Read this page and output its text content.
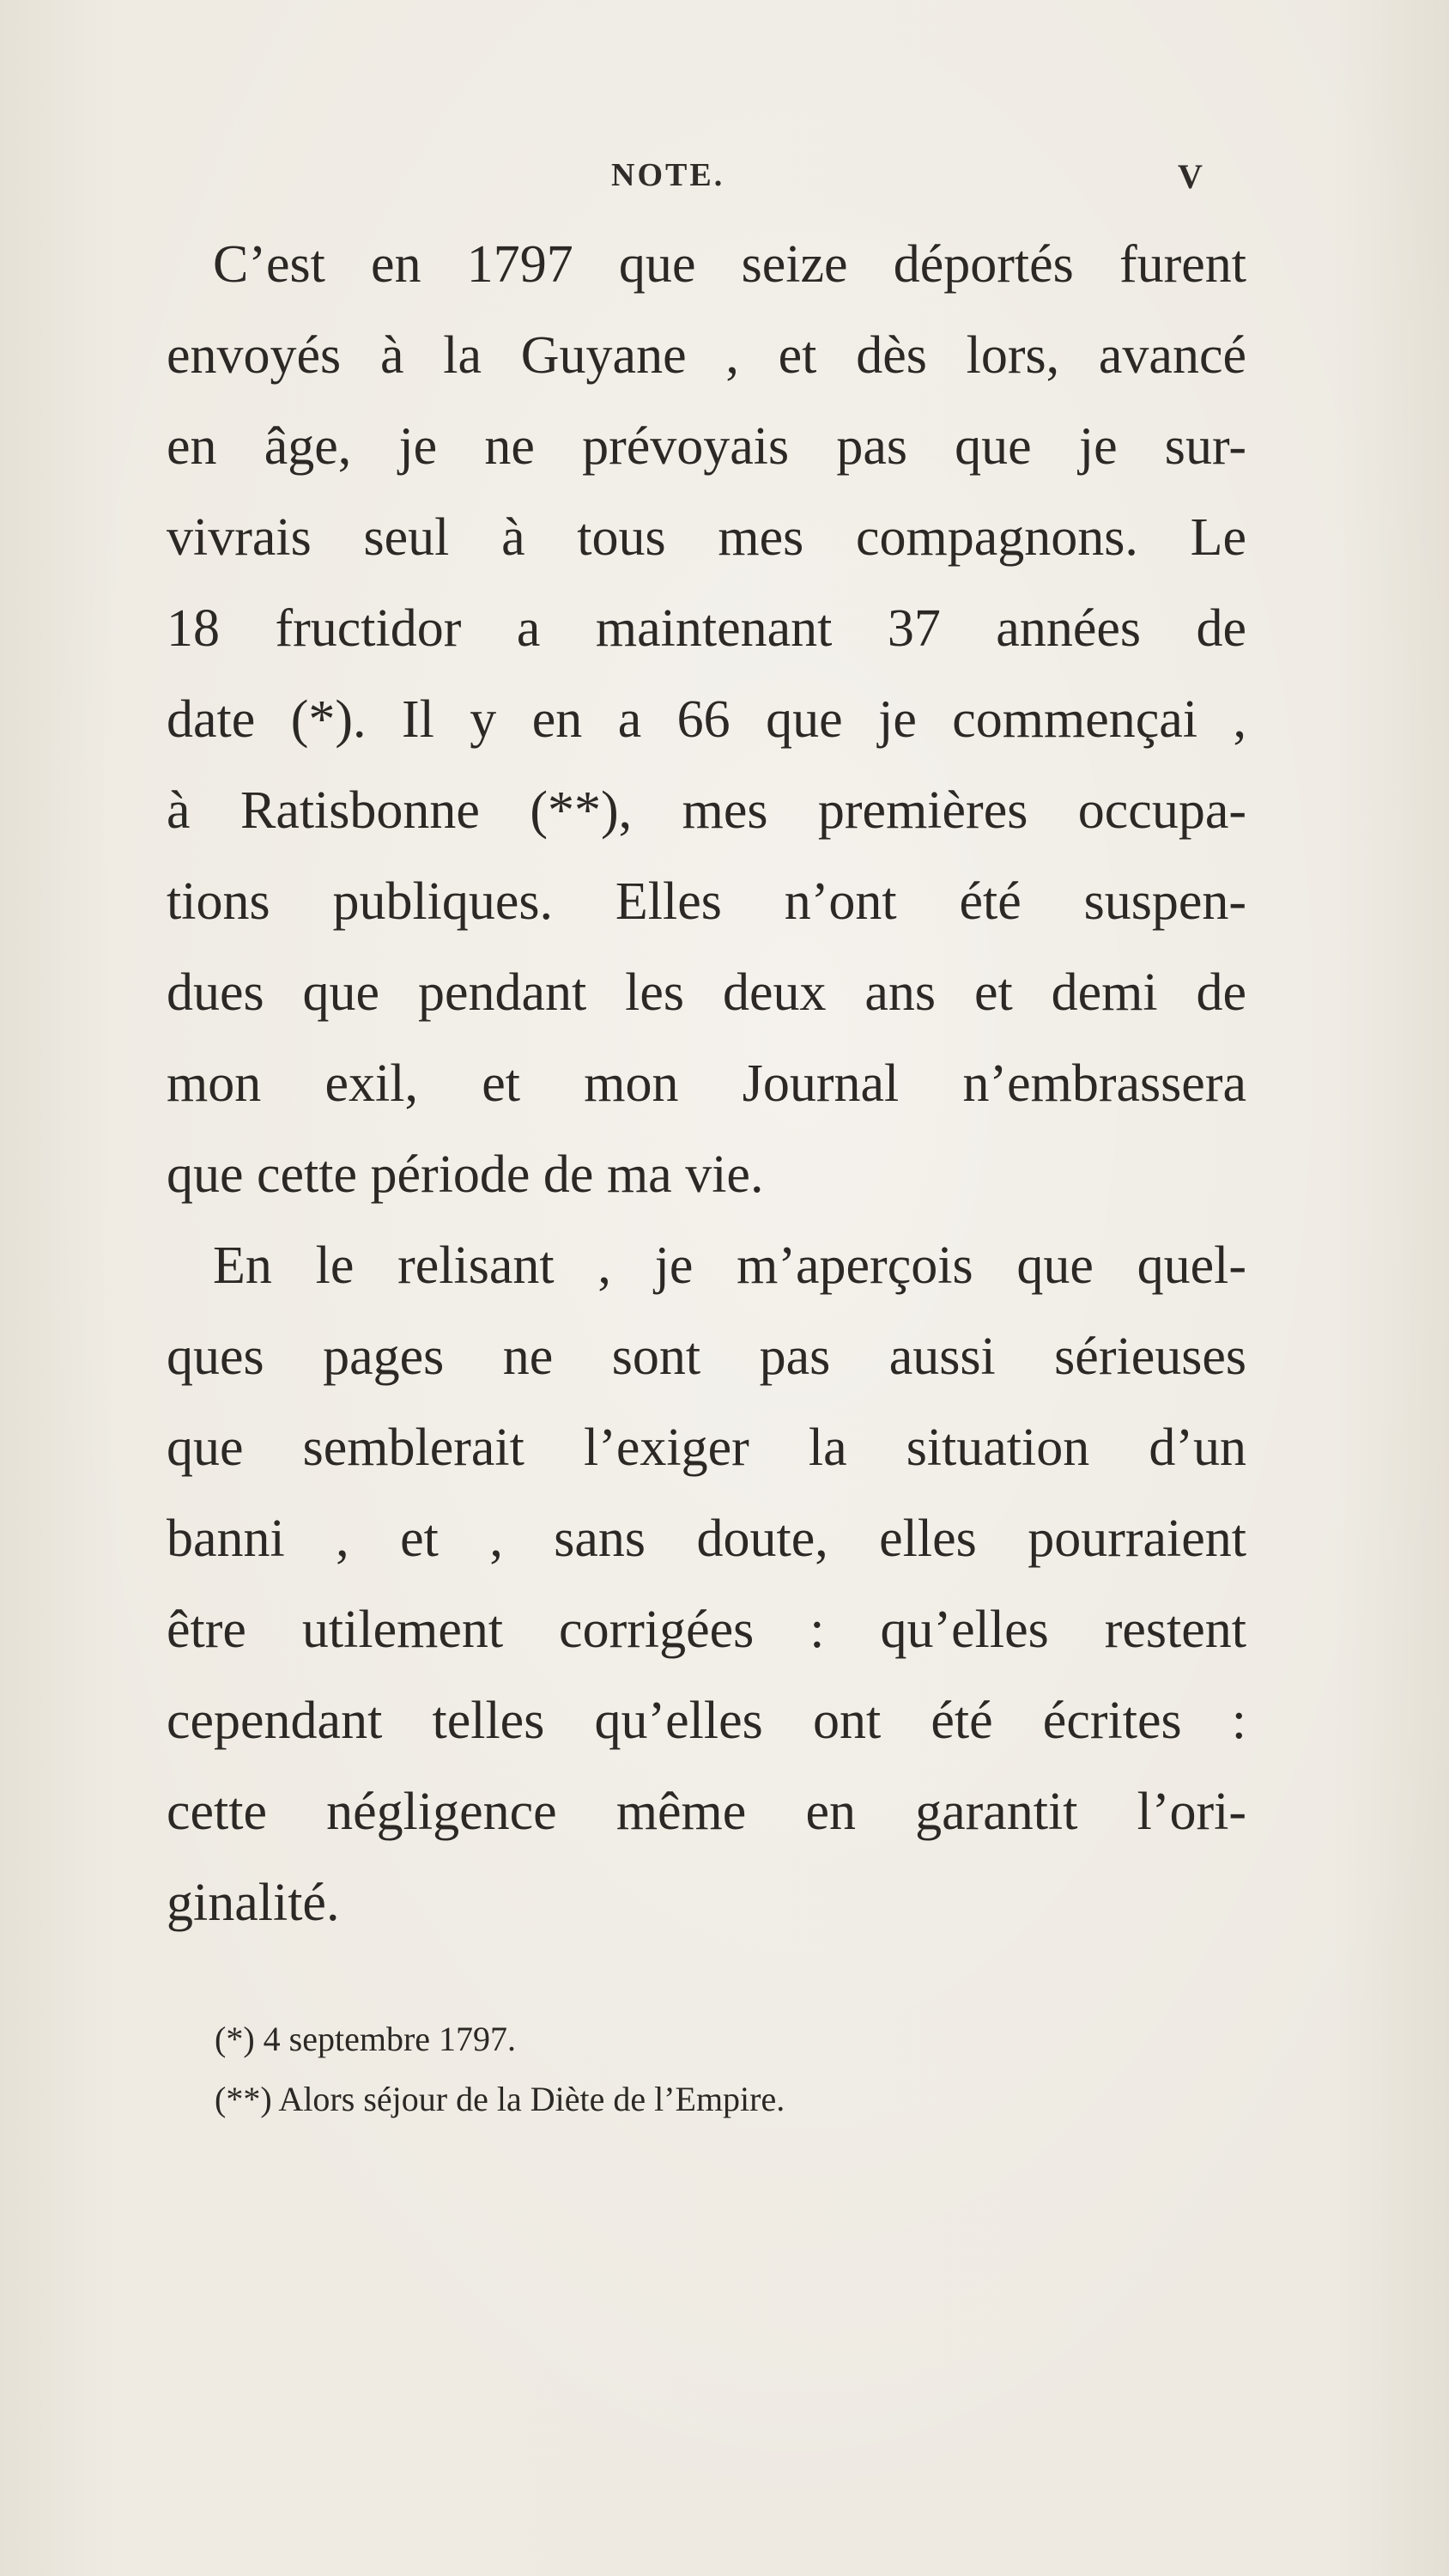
NOTE.	V
C’est en 1797 que seize déportés furent
envoyés à la Guyane , et dès lors, avancé
en âge, je ne prévoyais pas que je sur-
vivrais seul à tous mes compagnons. Le
18 fructidor a maintenant 37 années de
date (*). Il y en a 66 que je commençai ,
à Ratisbonne (**), mes premières occupa-
tions publiques. Elles n’ont été suspen-
dues que pendant les deux ans et demi de
mon exil, et mon Journal n’embrassera
que cette période de ma vie.
En le relisant , je m’aperçois que quel-
ques pages ne sont pas aussi sérieuses
que semblerait l’exiger la situation d’un
banni , et , sans doute, elles pourraient
être utilement corrigées : qu’elles restent
cependant telles qu’elles ont été écrites :
cette négligence même en garantit l’ori-
ginalité.
(*) 4 septembre 1797.
(**) Alors séjour de la Diète de l’Empire.
